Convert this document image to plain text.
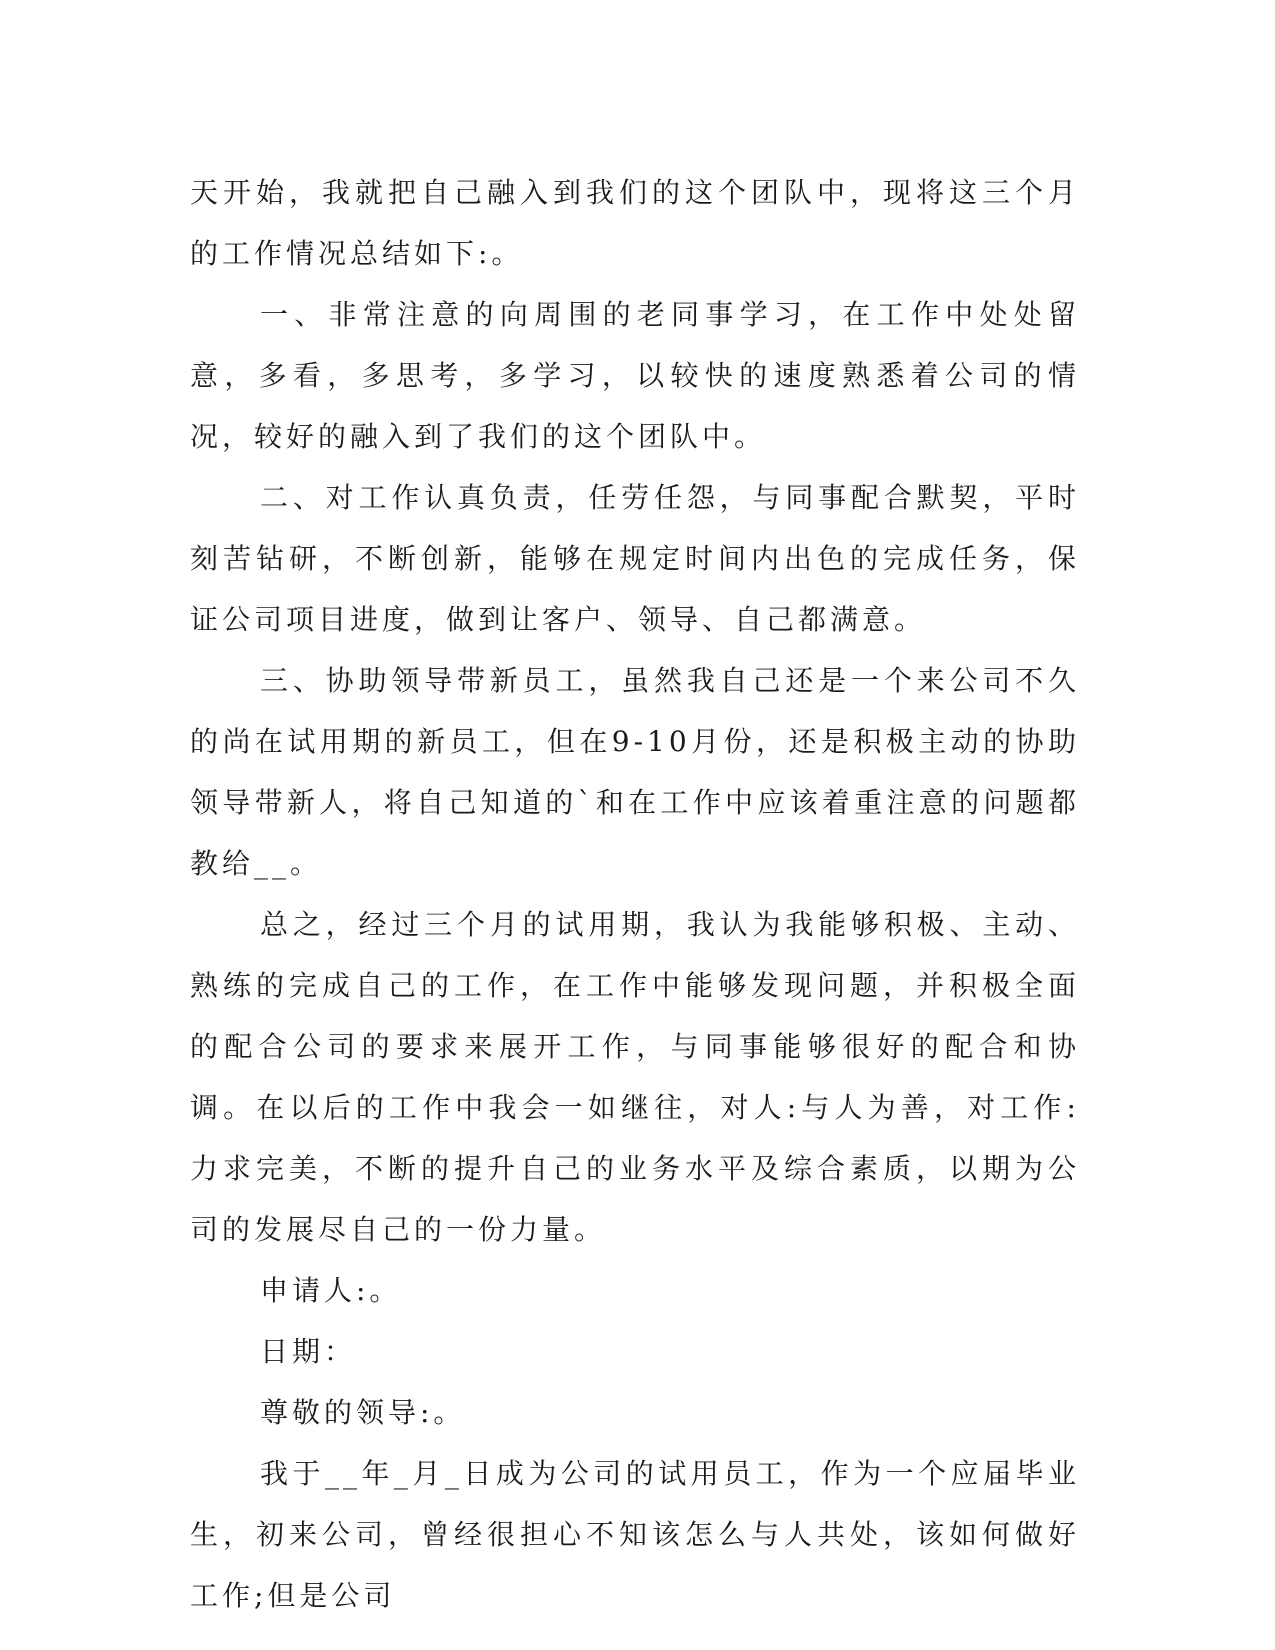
天开始，我就把自己融入到我们的这个团队中，现将这三个月的工作情况总结如下:。

一、非常注意的向周围的老同事学习，在工作中处处留意，多看，多思考，多学习，以较快的速度熟悉着公司的情况，较好的融入到了我们的这个团队中。

二、对工作认真负责，任劳任怨，与同事配合默契，平时刻苦钻研，不断创新，能够在规定时间内出色的完成任务，保证公司项目进度，做到让客户、领导、自己都满意。

三、协助领导带新员工，虽然我自己还是一个来公司不久的尚在试用期的新员工，但在9-10月份，还是积极主动的协助领导带新人，将自己知道的`和在工作中应该着重注意的问题都教给__。

总之，经过三个月的试用期，我认为我能够积极、主动、熟练的完成自己的工作，在工作中能够发现问题，并积极全面的配合公司的要求来展开工作，与同事能够很好的配合和协调。在以后的工作中我会一如继往，对人:与人为善，对工作:力求完美，不断的提升自己的业务水平及综合素质，以期为公司的发展尽自己的一份力量。

申请人:。

日期：

尊敬的领导:。

我于__年_月_日成为公司的试用员工，作为一个应届毕业生，初来公司，曾经很担心不知该怎么与人共处，该如何做好工作;但是公司
